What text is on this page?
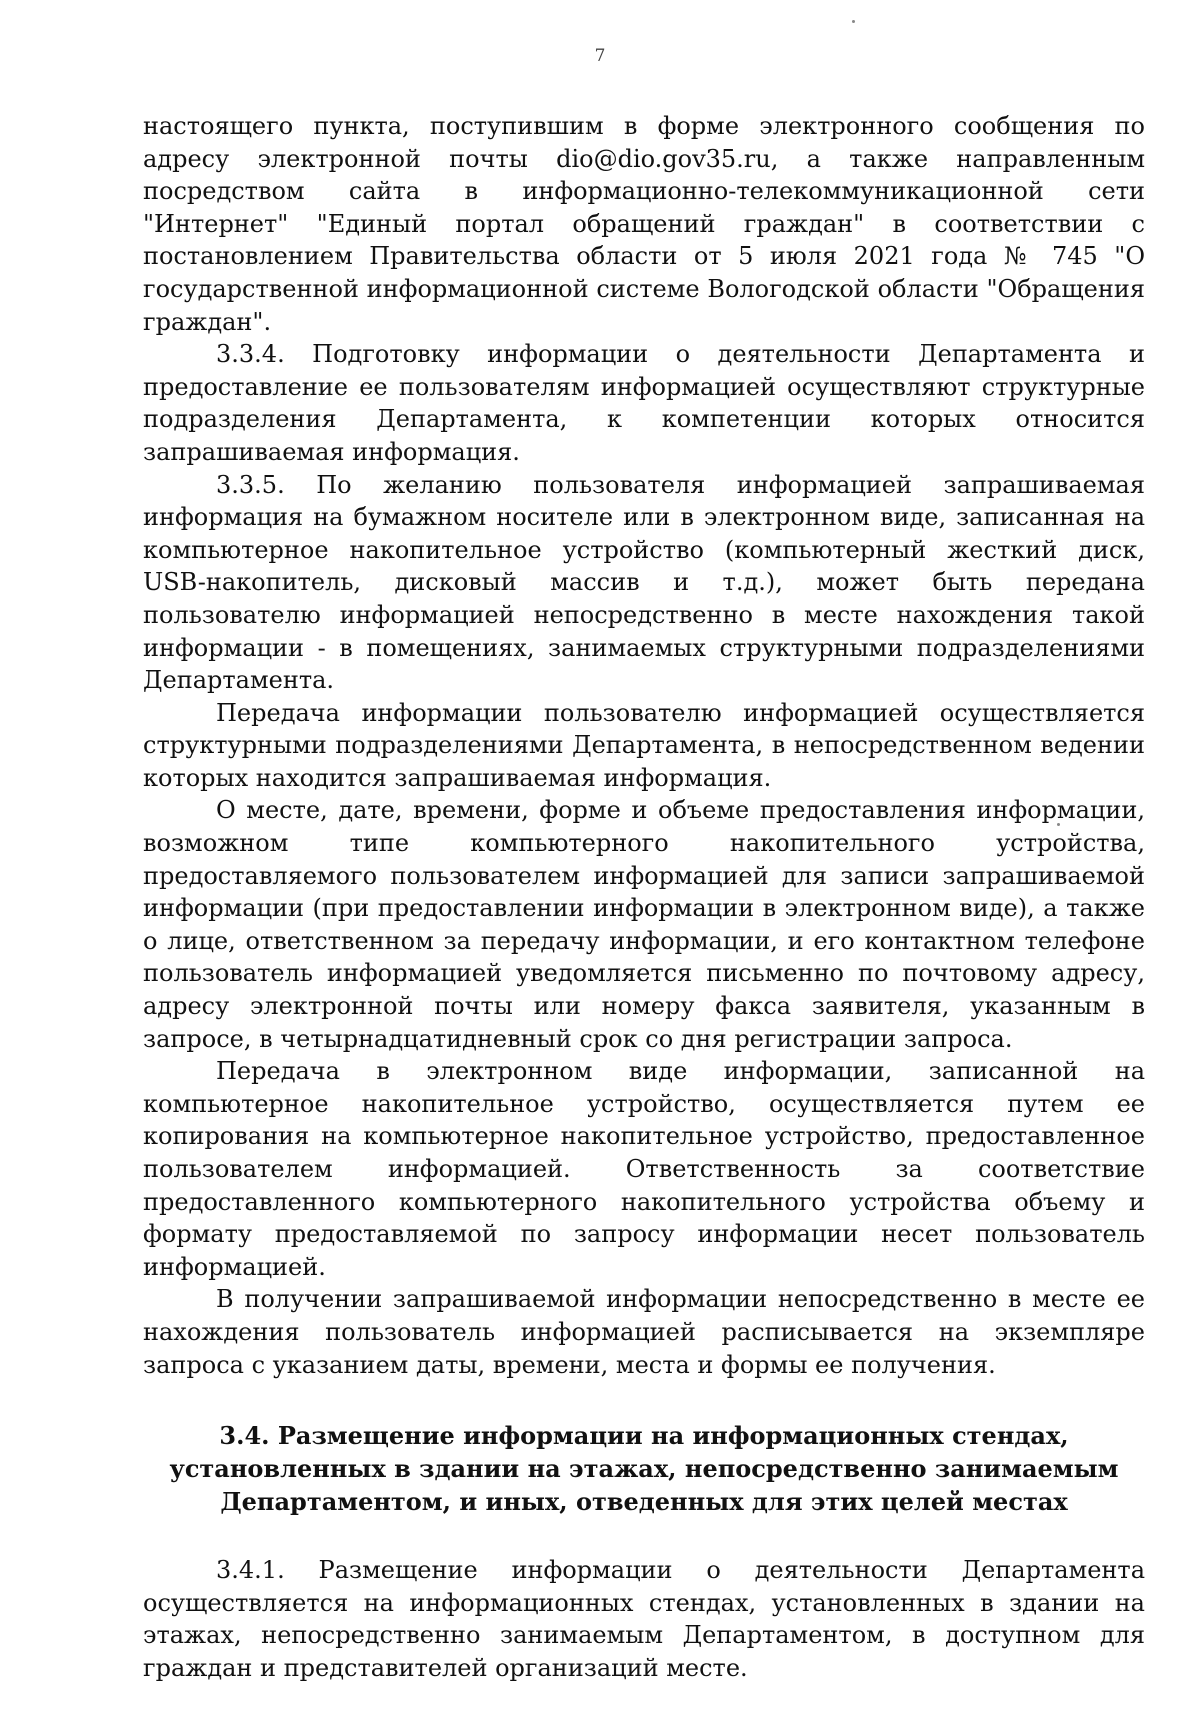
7

настоящего пункта, поступившим в форме электронного сообщения по адресу электронной почты dio@dio.gov35.ru, а также направленным посредством сайта в информационно-телекоммуникационной сети "Интернет" "Единый портал обращений граждан" в соответствии с постановлением Правительства области от 5 июля 2021 года № 745 "О государственной информационной системе Вологодской области "Обращения граждан".

3.3.4. Подготовку информации о деятельности Департамента и предоставление ее пользователям информацией осуществляют структурные подразделения Департамента, к компетенции которых относится запрашиваемая информация.

3.3.5. По желанию пользователя информацией запрашиваемая информация на бумажном носителе или в электронном виде, записанная на компьютерное накопительное устройство (компьютерный жесткий диск, USB-накопитель, дисковый массив и т.д.), может быть передана пользователю информацией непосредственно в месте нахождения такой информации - в помещениях, занимаемых структурными подразделениями Департамента.

Передача информации пользователю информацией осуществляется структурными подразделениями Департамента, в непосредственном ведении которых находится запрашиваемая информация.

О месте, дате, времени, форме и объеме предоставления информации, возможном типе компьютерного накопительного устройства, предоставляемого пользователем информацией для записи запрашиваемой информации (при предоставлении информации в электронном виде), а также о лице, ответственном за передачу информации, и его контактном телефоне пользователь информацией уведомляется письменно по почтовому адресу, адресу электронной почты или номеру факса заявителя, указанным в запросе, в четырнадцатидневный срок со дня регистрации запроса.

Передача в электронном виде информации, записанной на компьютерное накопительное устройство, осуществляется путем ее копирования на компьютерное накопительное устройство, предоставленное пользователем информацией. Ответственность за соответствие предоставленного компьютерного накопительного устройства объему и формату предоставляемой по запросу информации несет пользователь информацией.

В получении запрашиваемой информации непосредственно в месте ее нахождения пользователь информацией расписывается на экземпляре запроса с указанием даты, времени, места и формы ее получения.

3.4. Размещение информации на информационных стендах,
установленных в здании на этажах, непосредственно занимаемым
Департаментом, и иных, отведенных для этих целей местах

3.4.1. Размещение информации о деятельности Департамента осуществляется на информационных стендах, установленных в здании на этажах, непосредственно занимаемым Департаментом, в доступном для граждан и представителей организаций месте.
